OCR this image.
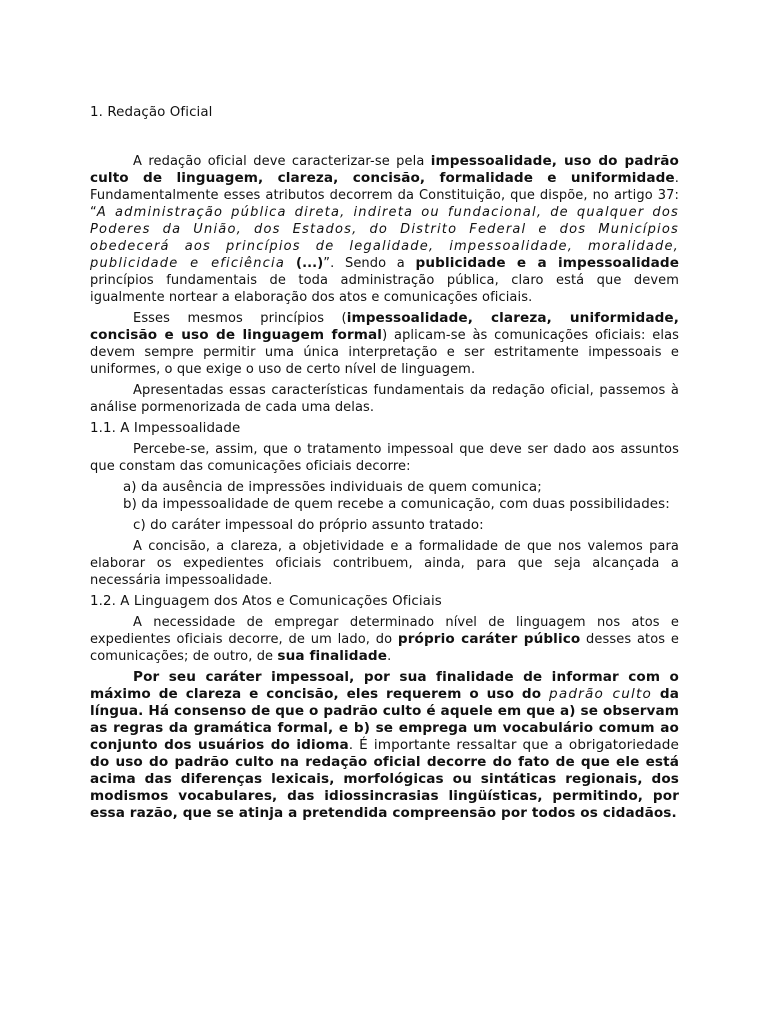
1. Redação Oficial

A redação oficial deve caracterizar-se pela impessoalidade, uso do padrão culto de linguagem, clareza, concisão, formalidade e uniformidade. Fundamentalmente esses atributos decorrem da Constituição, que dispõe, no artigo 37: “A administração pública direta, indireta ou fundacional, de qualquer dos Poderes da União, dos Estados, do Distrito Federal e dos Municípios obedecerá aos princípios de legalidade, impessoalidade, moralidade, publicidade e eficiência (...)”. Sendo a publicidade e a impessoalidade princípios fundamentais de toda administração pública, claro está que devem igualmente nortear a elaboração dos atos e comunicações oficiais.

Esses mesmos princípios (impessoalidade, clareza, uniformidade, concisão e uso de linguagem formal) aplicam-se às comunicações oficiais: elas devem sempre permitir uma única interpretação e ser estritamente impessoais e uniformes, o que exige o uso de certo nível de linguagem.

Apresentadas essas características fundamentais da redação oficial, passemos à análise pormenorizada de cada uma delas.

1.1. A Impessoalidade

Percebe-se, assim, que o tratamento impessoal que deve ser dado aos assuntos que constam das comunicações oficiais decorre:

a) da ausência de impressões individuais de quem comunica;

b) da impessoalidade de quem recebe a comunicação, com duas possibilidades:

c) do caráter impessoal do próprio assunto tratado:

A concisão, a clareza, a objetividade e a formalidade de que nos valemos para elaborar os expedientes oficiais contribuem, ainda, para que seja alcançada a necessária impessoalidade.

1.2. A Linguagem dos Atos e Comunicações Oficiais

A necessidade de empregar determinado nível de linguagem nos atos e expedientes oficiais decorre, de um lado, do próprio caráter público desses atos e comunicações; de outro, de sua finalidade.

Por seu caráter impessoal, por sua finalidade de informar com o máximo de clareza e concisão, eles requerem o uso do padrão culto da língua. Há consenso de que o padrão culto é aquele em que a) se observam as regras da gramática formal, e b) se emprega um vocabulário comum ao conjunto dos usuários do idioma. É importante ressaltar que a obrigatoriedade do uso do padrão culto na redação oficial decorre do fato de que ele está acima das diferenças lexicais, morfológicas ou sintáticas regionais, dos modismos vocabulares, das idiossincrasias lingüísticas, permitindo, por essa razão, que se atinja a pretendida compreensão por todos os cidadãos.
